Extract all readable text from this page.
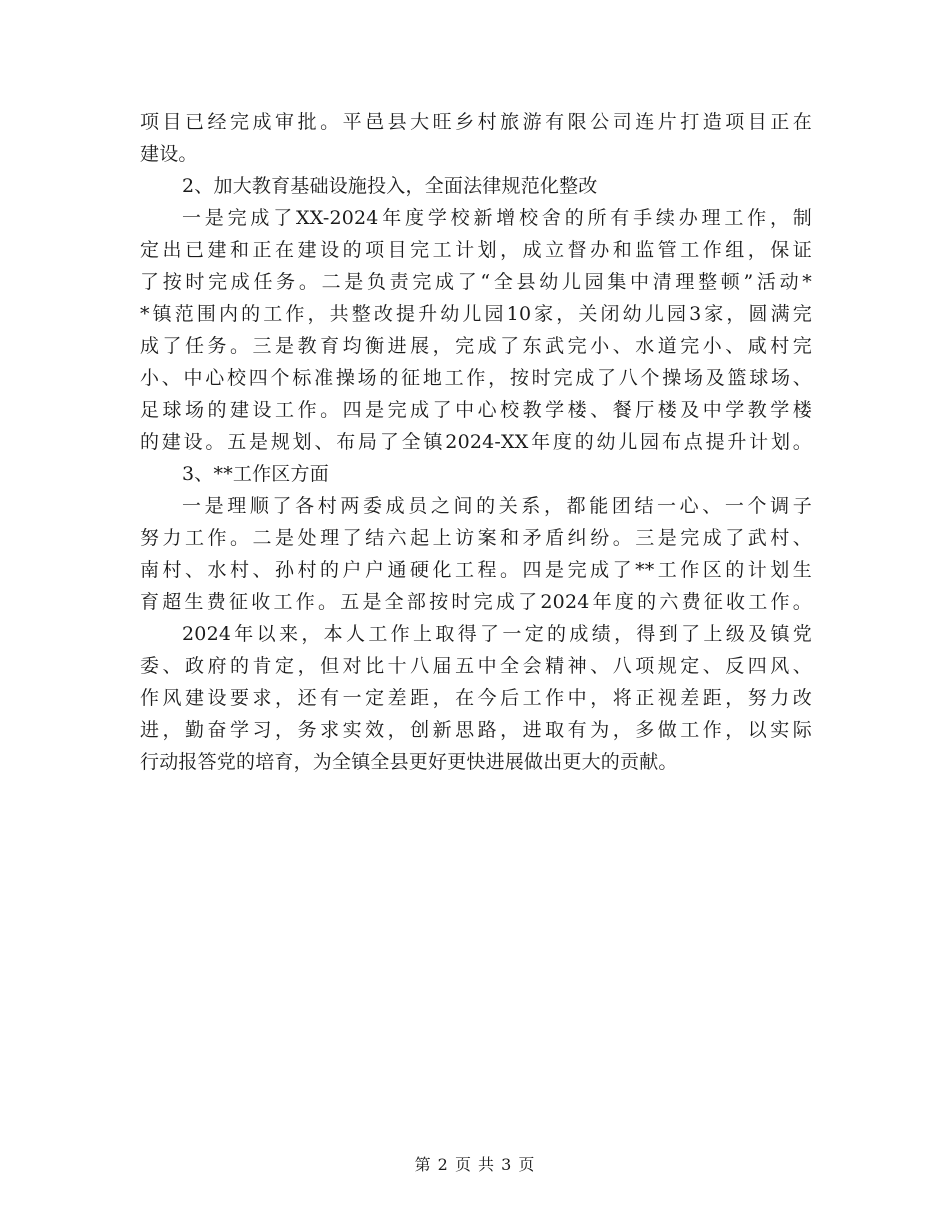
项目已经完成审批。平邑县大旺乡村旅游有限公司连片打造项目正在
建设。
2、加大教育基础设施投入，全面法律规范化整改
一是完成了XX-2024年度学校新增校舍的所有手续办理工作，制
定出已建和正在建设的项目完工计划，成立督办和监管工作组，保证
了按时完成任务。二是负责完成了“全县幼儿园集中清理整顿”活动*
*镇范围内的工作，共整改提升幼儿园10家，关闭幼儿园3家，圆满完
成了任务。三是教育均衡进展，完成了东武完小、水道完小、咸村完
小、中心校四个标准操场的征地工作，按时完成了八个操场及篮球场、
足球场的建设工作。四是完成了中心校教学楼、餐厅楼及中学教学楼
的建设。五是规划、布局了全镇2024-XX年度的幼儿园布点提升计划。
3、**工作区方面
一是理顺了各村两委成员之间的关系，都能团结一心、一个调子
努力工作。二是处理了结六起上访案和矛盾纠纷。三是完成了武村、
南村、水村、孙村的户户通硬化工程。四是完成了**工作区的计划生
育超生费征收工作。五是全部按时完成了2024年度的六费征收工作。
2024年以来，本人工作上取得了一定的成绩，得到了上级及镇党
委、政府的肯定，但对比十八届五中全会精神、八项规定、反四风、
作风建设要求，还有一定差距，在今后工作中，将正视差距，努力改
进，勤奋学习，务求实效，创新思路，进取有为，多做工作，以实际
行动报答党的培育，为全镇全县更好更快进展做出更大的贡献。
第 2 页 共 3 页
